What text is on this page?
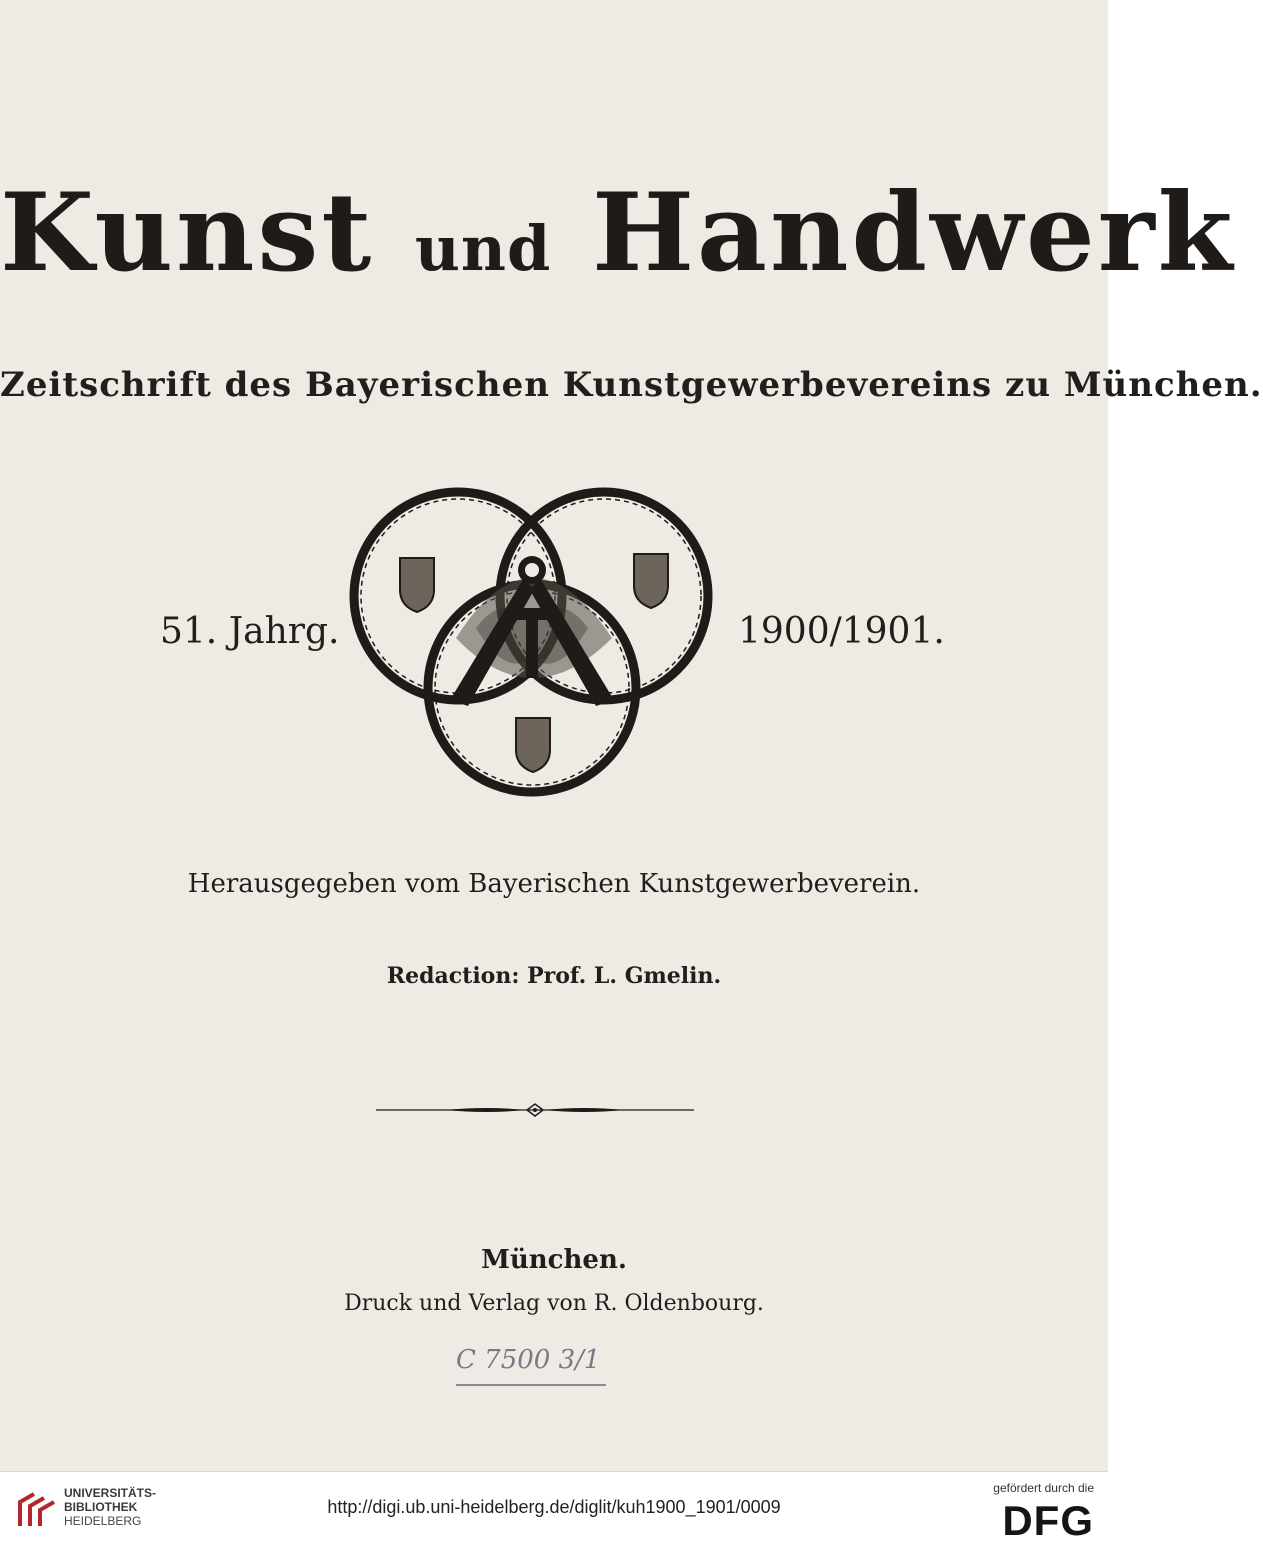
Kunst und Handwerk
Zeitschrift des Bayerischen Kunstgewerbevereins zu München.
51. Jahrg.	1900/1901.
Herausgegeben vom Bayerischen Kunstgewerbeverein.
Redaction: Prof. L. Gmelin.
München.
Druck und Verlag von R. Oldenbourg.
C 7500 3/1
UNIVERSITÄTS-
BIBLIOTHEK
HEIDELBERG
http://digi.ub.uni-heidelberg.de/diglit/kuh1900_1901/0009
gefördert durch die
DFG
